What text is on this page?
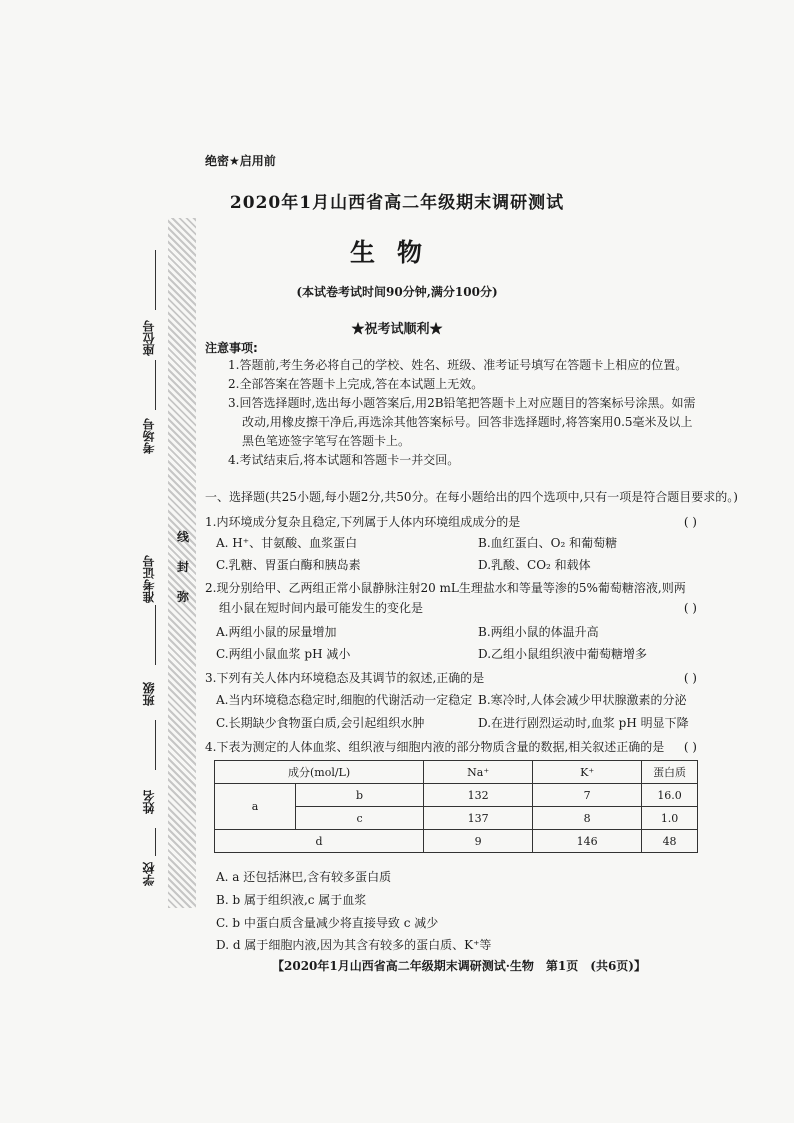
座位号
考场号
准考证号
班级
姓名
学校
线
封
弥
绝密★启用前
2020年1月山西省高二年级期末调研测试
生物
(本试卷考试时间90分钟,满分100分)
★祝考试顺利★
注意事项:
1.答题前,考生务必将自己的学校、姓名、班级、准考证号填写在答题卡上相应的位置。
2.全部答案在答题卡上完成,答在本试题上无效。
3.回答选择题时,选出每小题答案后,用2B铅笔把答题卡上对应题目的答案标号涂黑。如需改动,用橡皮擦干净后,再选涂其他答案标号。回答非选择题时,将答案用0.5毫米及以上黑色笔迹签字笔写在答题卡上。
4.考试结束后,将本试题和答题卡一并交回。
一、选择题(共25小题,每小题2分,共50分。在每小题给出的四个选项中,只有一项是符合题目要求的。)
1.内环境成分复杂且稳定,下列属于人体内环境组成成分的是	( )
A. H⁺、甘氨酸、血浆蛋白	B.血红蛋白、O₂ 和葡萄糖
C.乳糖、胃蛋白酶和胰岛素	D.乳酸、CO₂ 和载体
2.现分别给甲、乙两组正常小鼠静脉注射20 mL生理盐水和等量等渗的5%葡萄糖溶液,则两组小鼠在短时间内最可能发生的变化是	( )
A.两组小鼠的尿量增加	B.两组小鼠的体温升高
C.两组小鼠血浆 pH 减小	D.乙组小鼠组织液中葡萄糖增多
3.下列有关人体内环境稳态及其调节的叙述,正确的是	( )
A.当内环境稳态稳定时,细胞的代谢活动一定稳定 B.寒冷时,人体会减少甲状腺激素的分泌
C.长期缺少食物蛋白质,会引起组织水肿	D.在进行剧烈运动时,血浆 pH 明显下降
4.下表为测定的人体血浆、组织液与细胞内液的部分物质含量的数据,相关叙述正确的是 ( )
成分(mol/L)		Na⁺	K⁺	蛋白质
a	b	132	7	16.0
	c	137	8	1.0
d		9	146	48
A. a 还包括淋巴,含有较多蛋白质
B. b 属于组织液,c 属于血浆
C. b 中蛋白质含量减少将直接导致 c 减少
D. d 属于细胞内液,因为其含有较多的蛋白质、K⁺等
【2020年1月山西省高二年级期末调研测试·生物　第1页　(共6页)】
